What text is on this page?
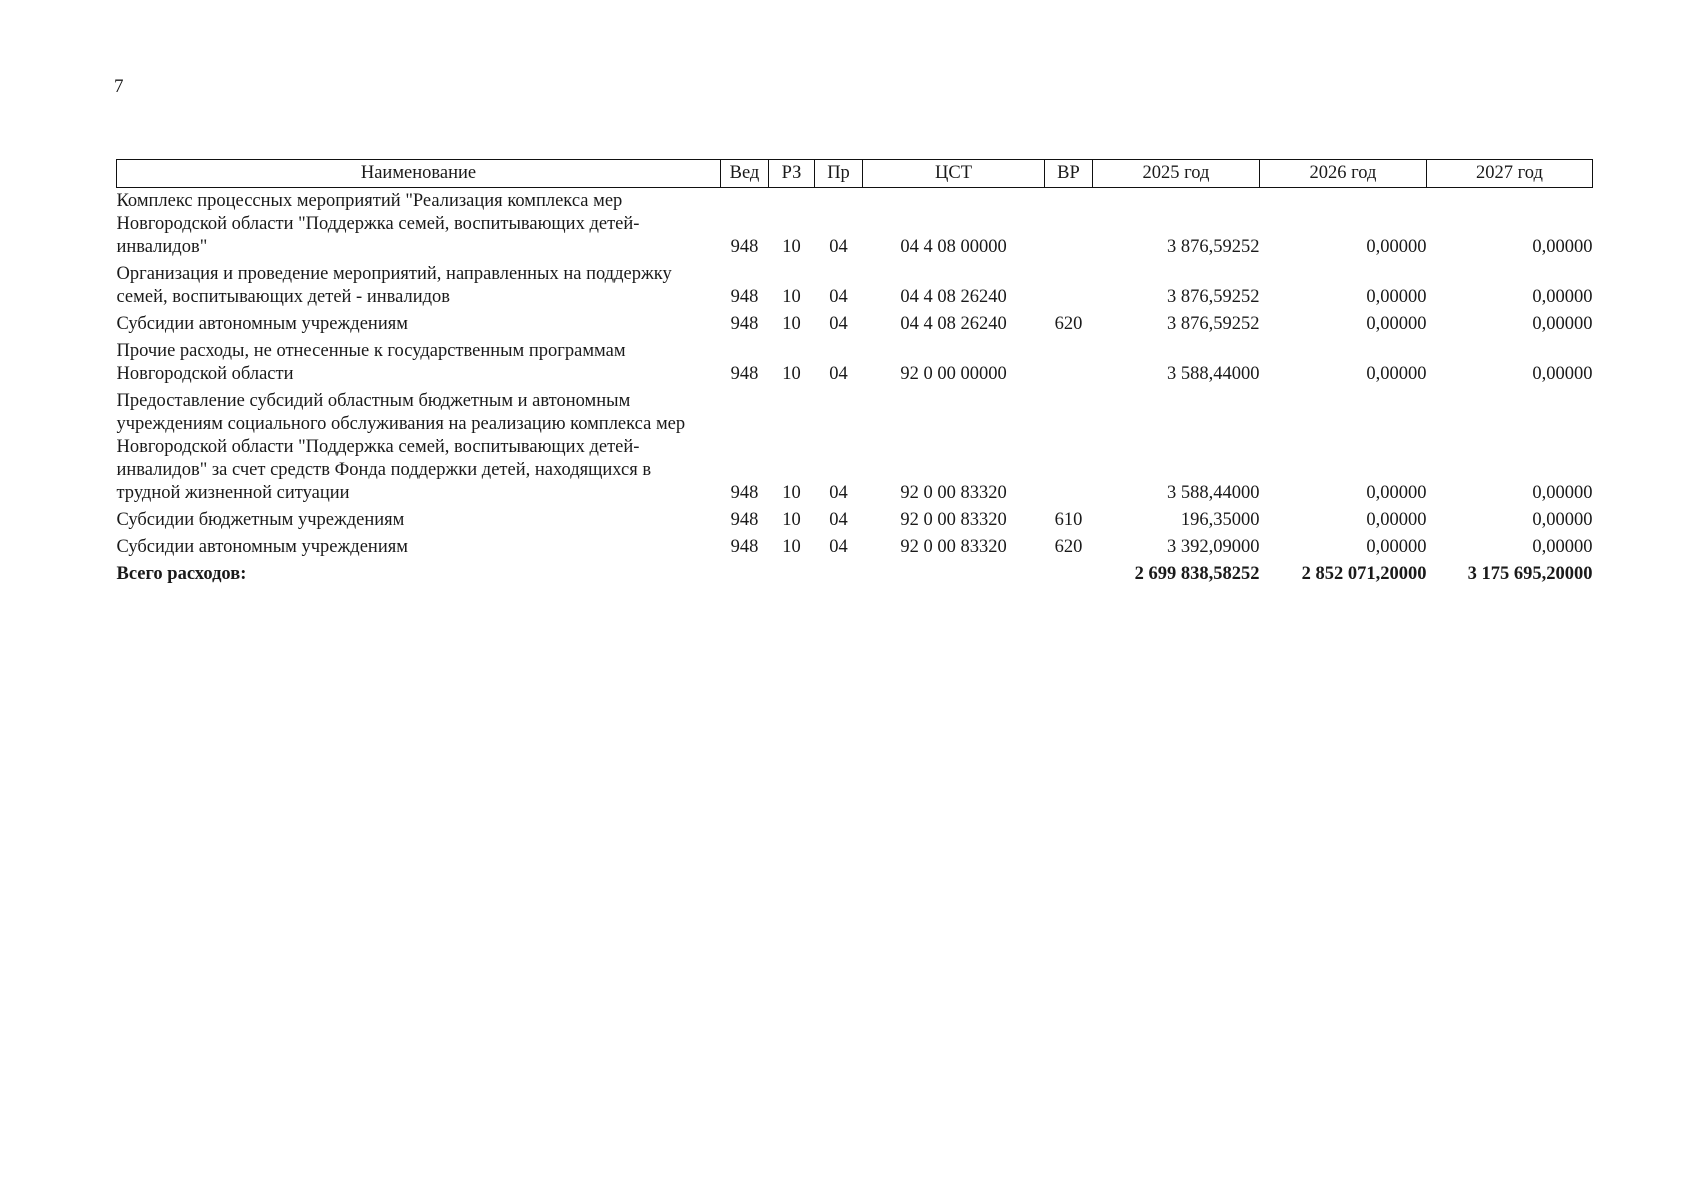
7
Наименование	Вед	РЗ	Пр	ЦСТ	ВР	2025 год	2026 год	2027 год
Комплекс процессных мероприятий "Реализация комплекса мер Новгородской области "Поддержка семей, воспитывающих детей-инвалидов"	948	10	04	04 4 08 00000		3 876,59252	0,00000	0,00000
Организация и проведение мероприятий, направленных на поддержку семей, воспитывающих детей - инвалидов	948	10	04	04 4 08 26240		3 876,59252	0,00000	0,00000
Субсидии автономным учреждениям	948	10	04	04 4 08 26240	620	3 876,59252	0,00000	0,00000
Прочие расходы, не отнесенные к государственным программам Новгородской области	948	10	04	92 0 00 00000		3 588,44000	0,00000	0,00000
Предоставление субсидий областным бюджетным и автономным учреждениям социального обслуживания на реализацию комплекса мер Новгородской области "Поддержка семей, воспитывающих детей-инвалидов" за счет средств Фонда поддержки детей, находящихся в трудной жизненной ситуации	948	10	04	92 0 00 83320		3 588,44000	0,00000	0,00000
Субсидии бюджетным учреждениям	948	10	04	92 0 00 83320	610	196,35000	0,00000	0,00000
Субсидии автономным учреждениям	948	10	04	92 0 00 83320	620	3 392,09000	0,00000	0,00000
Всего расходов:						2 699 838,58252	2 852 071,20000	3 175 695,20000
